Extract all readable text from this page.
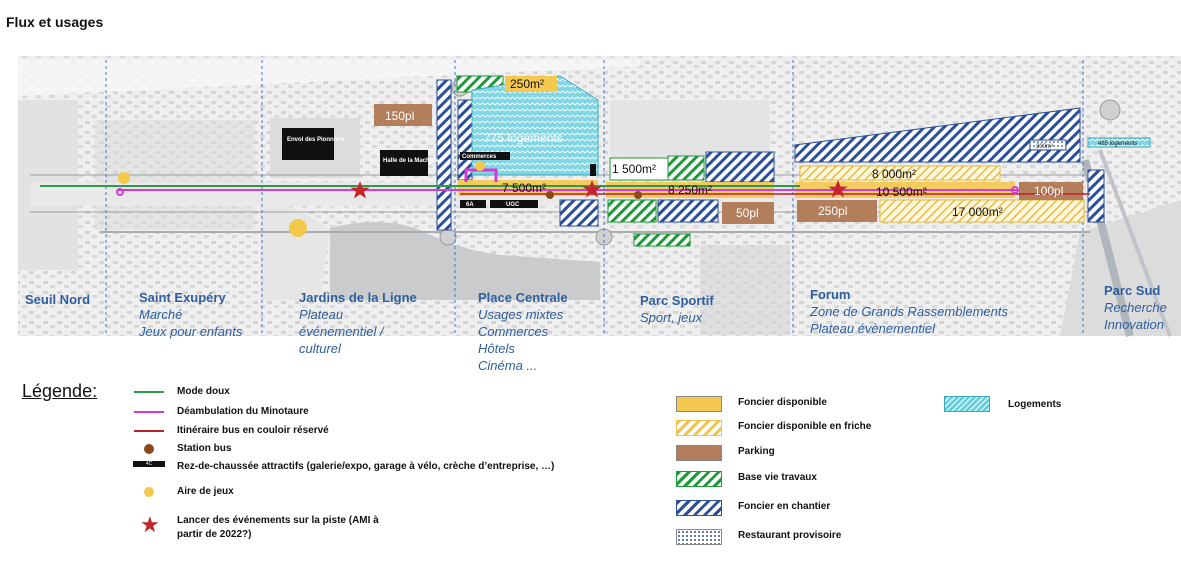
Flux et usages
250m²
150pl
775 logements
Envol des Pionniers
Halle de la Machine
Commerces
6A	UGC
7 500m²
1 500m²
8 250m²
8 000m²
10 500m²	100pl
50pl	250pl	17 000m²
300m²	485 logements
Seuil Nord	Saint Exupéry
Marché
Jeux pour enfants
Jardins de la Ligne
Plateau
événementiel /
culturel
Place Centrale
Usages mixtes
Commerces
Hôtels
Cinéma ...
Parc Sportif
Sport, jeux
Forum
Zone de Grands Rassemblements
Plateau évènementiel
Parc Sud
Recherche
Innovation
Légende:	Mode doux
Déambulation du Minotaure
Itinéraire bus en couloir réservé
Station bus
4C	Rez-de-chaussée attractifs (galerie/expo, garage à vélo, crèche d’entreprise, …)
Aire de jeux
★ Lancer des événements sur la piste (AMI à
partir de 2022?)
Foncier disponible
Foncier disponible en friche
Parking
Base vie travaux
Foncier en chantier
Restaurant provisoire
Logements
